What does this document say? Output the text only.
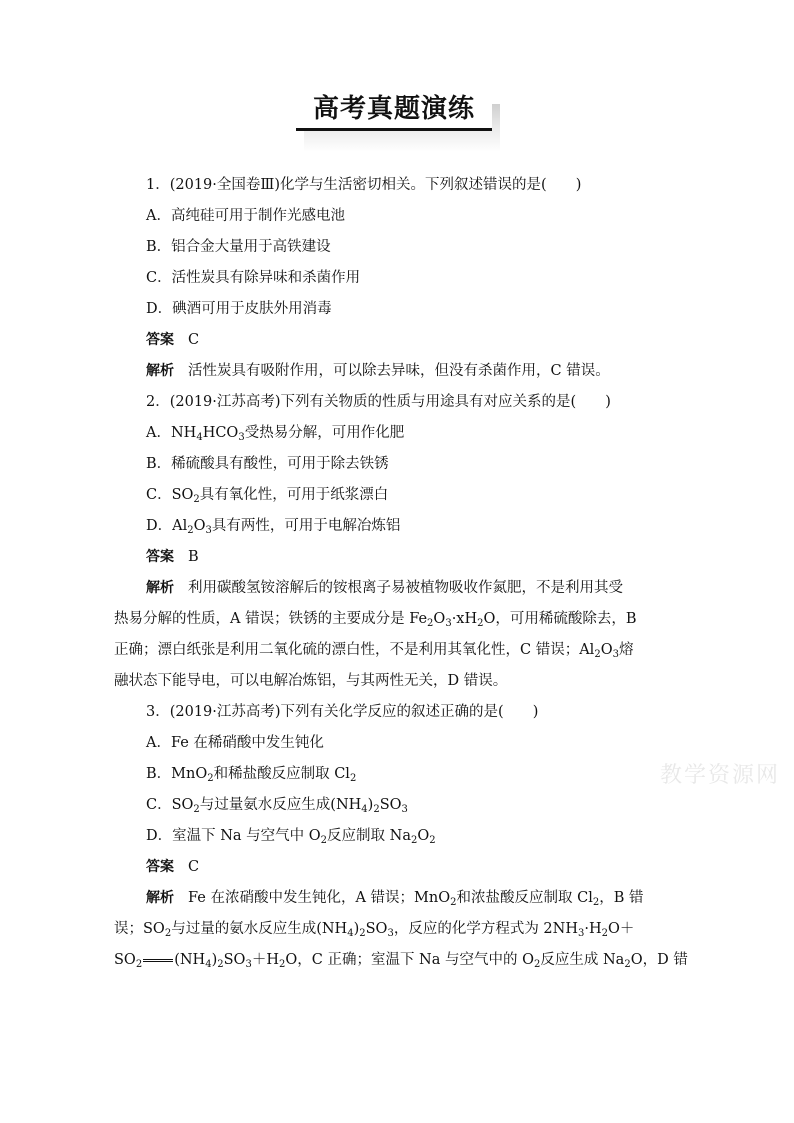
高考真题演练
教学资源网
1．(2019·全国卷Ⅲ)化学与生活密切相关。下列叙述错误的是(　　)
A．高纯硅可用于制作光感电池
B．铝合金大量用于高铁建设
C．活性炭具有除异味和杀菌作用
D．碘酒可用于皮肤外用消毒
答案 C
解析 活性炭具有吸附作用，可以除去异味，但没有杀菌作用，C 错误。
2．(2019·江苏高考)下列有关物质的性质与用途具有对应关系的是(　　)
A．$NH_4HCO_3$受热易分解，可用作化肥
B．稀硫酸具有酸性，可用于除去铁锈
C．$SO_2$具有氧化性，可用于纸浆漂白
D．$Al_2O_3$具有两性，可用于电解冶炼铝
答案 B
解析 利用碳酸氢铵溶解后的铵根离子易被植物吸收作氮肥，不是利用其受
热易分解的性质，A 错误；铁锈的主要成分是 $Fe_2O_3\cdot xH_2O$，可用稀硫酸除去，B
正确；漂白纸张是利用二氧化硫的漂白性，不是利用其氧化性，C 错误；$Al_2O_3$熔
融状态下能导电，可以电解冶炼铝，与其两性无关，D 错误。
3．(2019·江苏高考)下列有关化学反应的叙述正确的是(　　)
A．Fe 在稀硝酸中发生钝化
B．MnO$_2$和稀盐酸反应制取 $Cl_2$
C．$SO_2$与过量氨水反应生成$(NH_4)_2SO_3$
D．室温下 Na 与空气中 $O_2$反应制取 $Na_2O_2$
答案 C
解析 Fe 在浓硝酸中发生钝化，A 错误；MnO$_2$和浓盐酸反应制取 $Cl_2$，B 错
误；$SO_2$与过量的氨水反应生成$(NH_4)_2SO_3$，反应的化学方程式为 $2NH_3\cdot H_2O+$
$SO_2$ $(NH_4)_2SO_3+H_2O$，C 正确；室温下 Na 与空气中的 $O_2$反应生成 $Na_2O$，D 错
